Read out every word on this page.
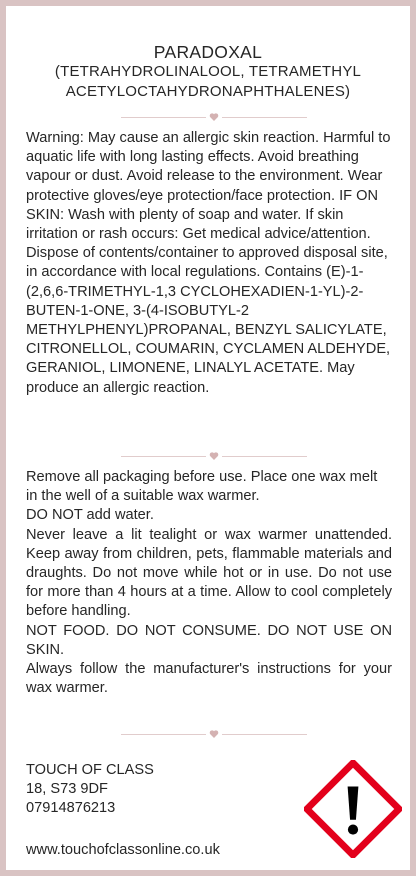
PARADOXAL
(TETRAHYDROLINALOOL, TETRAMETHYL
ACETYLOCTAHYDRONAPHTHALENES)
Warning: May cause an allergic skin reaction. Harmful to aquatic life with long lasting effects. Avoid breathing vapour or dust. Avoid release to the environment. Wear protective gloves/eye protection/face protection. IF ON SKIN: Wash with plenty of soap and water. If skin irritation or rash occurs: Get medical advice/attention. Dispose of contents/container to approved disposal site, in accordance with local regulations. Contains (E)-1-(2,6,6-TRIMETHYL-1,3 CYCLOHEXADIEN-1-YL)-2-BUTEN-1-ONE, 3-(4-ISOBUTYL-2 METHYLPHENYL)PROPANAL, BENZYL SALICYLATE, CITRONELLOL, COUMARIN, CYCLAMEN ALDEHYDE, GERANIOL, LIMONENE, LINALYL ACETATE. May produce an allergic reaction.

Remove all packaging before use. Place one wax melt in the well of a suitable wax warmer.

DO NOT add water.

Never leave a lit tealight or wax warmer unattended. Keep away from children, pets, flammable materials and draughts. Do not move while hot or in use. Do not use for more than 4 hours at a time. Allow to cool completely before handling.

NOT FOOD. DO NOT CONSUME. DO NOT USE ON SKIN.

Always follow the manufacturer's instructions for your wax warmer.

TOUCH OF CLASS
18, S73 9DF
07914876213
www.touchofclassonline.co.uk
